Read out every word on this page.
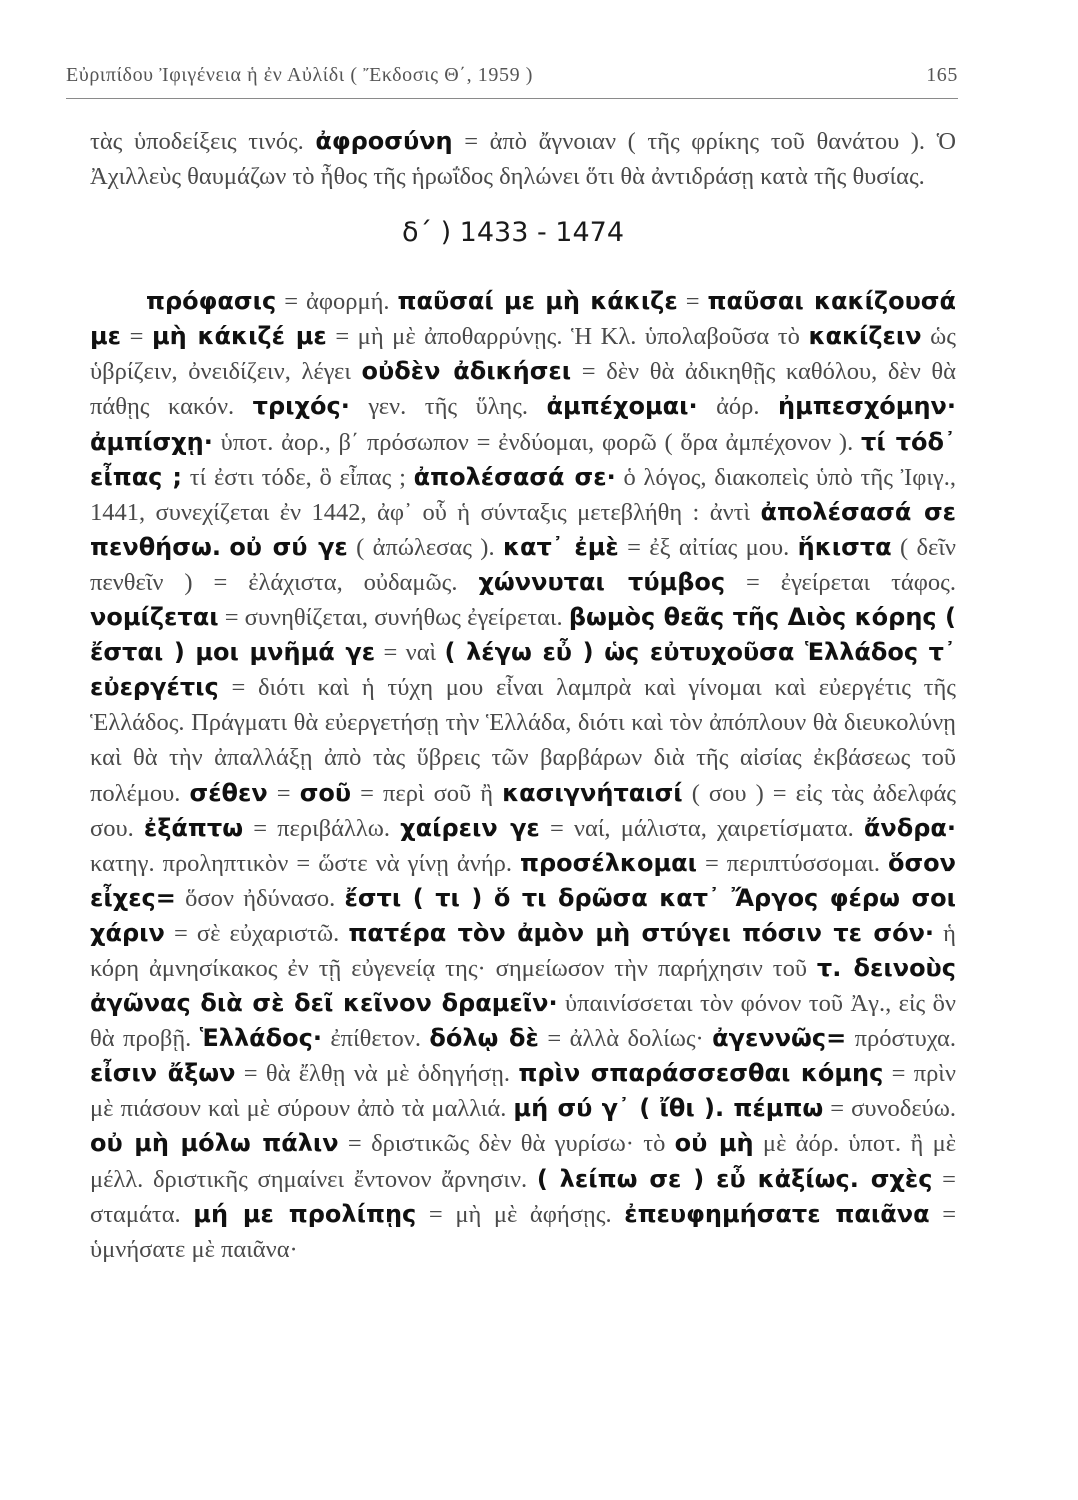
Εὐριπίδου Ἰφιγένεια ἡ ἐν Αὐλίδι ( Ἔκδοσις Θ΄, 1959 )	165

τὰς ὑποδείξεις τινός. ἀφροσύνη = ἀπὸ ἄγνοιαν ( τῆς φρίκης τοῦ θανάτου ). Ὁ Ἀχιλλεὺς θαυμάζων τὸ ἦθος τῆς ἡρωΐδος δηλώνει ὅτι θὰ ἀντιδράσῃ κατὰ τῆς θυσίας.

δ΄ ) 1433 - 1474

πρόφασις = ἀφορμή. παῦσαί με μὴ κάκιζε = παῦσαι κακίζουσά με = μὴ κάκιζέ με = μὴ μὲ ἀποθαρρύνῃς. Ἡ Κλ. ὑπολαβοῦσα τὸ κακίζειν ὡς ὑβρίζειν, ὀνειδίζειν, λέγει οὐδὲν ἀδικήσει = δὲν θὰ ἀδικηθῇς καθόλου, δὲν θὰ πάθῃς κακόν. τριχός· γεν. τῆς ὕλης. ἀμπέχομαι· ἀόρ. ἠμπεσχόμην· ἀμπίσχῃ· ὑποτ. ἀορ., β΄ πρόσωπον = ἐνδύομαι, φορῶ ( ὅρα ἀμπέχονον ). τί τόδ᾽ εἶπας ; τί ἐστι τόδε, ὃ εἶπας ; ἀπολέσασά σε· ὁ λόγος, διακοπεὶς ὑπὸ τῆς Ἰφιγ., 1441, συνεχίζεται ἐν 1442, ἀφ᾽ οὗ ἡ σύνταξις μετεβλήθη : ἀντὶ ἀπολέσασά σε πενθήσω. οὐ σύ γε ( ἀπώλεσας ). κατ᾽ ἐμὲ = ἐξ αἰτίας μου. ἥκιστα ( δεῖν πενθεῖν ) = ἐλάχιστα, οὐδαμῶς. χώννυται τύμβος = ἐγείρεται τάφος. νομίζεται = συνηθίζεται, συνήθως ἐγείρεται. βωμὸς θεᾶς τῆς Διὸς κόρης ( ἔσται ) μοι μνῆμά γε = ναὶ ( λέγω εὖ ) ὡς εὐτυχοῦσα Ἑλλάδος τ᾽ εὐεργέτις = διότι καὶ ἡ τύχη μου εἶναι λαμπρὰ καὶ γίνομαι καὶ εὐεργέτις τῆς Ἑλλάδος. Πράγματι θὰ εὐεργετήσῃ τὴν Ἑλλάδα, διότι καὶ τὸν ἀπόπλουν θὰ διευκολύνῃ καὶ θὰ τὴν ἀπαλλάξῃ ἀπὸ τὰς ὕβρεις τῶν βαρβάρων διὰ τῆς αἰσίας ἐκβάσεως τοῦ πολέμου. σέθεν = σοῦ = περὶ σοῦ ἢ κασιγνήταισί ( σου ) = εἰς τὰς ἀδελφάς σου. ἐξάπτω = περιβάλλω. χαίρειν γε = ναί, μάλιστα, χαιρετίσματα. ἄνδρα· κατηγ. προληπτικὸν = ὥστε νὰ γίνῃ ἀνήρ. προσέλκομαι = περιπτύσσομαι. ὅσον εἶχες= ὅσον ἠδύνασο. ἔστι ( τι ) ὅ τι δρῶσα κατ᾽ Ἄργος φέρω σοι χάριν = σὲ εὐχαριστῶ. πατέρα τὸν ἀμὸν μὴ στύγει πόσιν τε σόν· ἡ κόρη ἀμνησίκακος ἐν τῇ εὐγενείᾳ της· σημείωσον τὴν παρήχησιν τοῦ τ. δεινοὺς ἀγῶνας διὰ σὲ δεῖ κεῖνον δραμεῖν· ὑπαινίσσεται τὸν φόνον τοῦ Ἀγ., εἰς ὃν θὰ προβῇ. Ἑλλάδος· ἐπίθετον. δόλῳ δὲ = ἀλλὰ δολίως· ἀγεννῶς= πρόστυχα. εἶσιν ἄξων = θὰ ἔλθῃ νὰ μὲ ὁδηγήσῃ. πρὶν σπαράσσεσθαι κόμης = πρὶν μὲ πιάσουν καὶ μὲ σύρουν ἀπὸ τὰ μαλλιά. μή σύ γ᾽ ( ἴθι ). πέμπω = συνοδεύω. οὐ μὴ μόλω πάλιν = δριστικῶς δὲν θὰ γυρίσω· τὸ οὐ μὴ μὲ ἀόρ. ὑποτ. ἢ μὲ μέλλ. δριστικῆς σημαίνει ἔντονον ἄρνησιν. ( λείπω σε ) εὖ κἀξίως. σχὲς = σταμάτα. μή με προλίπῃς = μὴ μὲ ἀφήσῃς. ἐπευφημήσατε παιᾶνα = ὑμνήσατε μὲ παιᾶνα·
